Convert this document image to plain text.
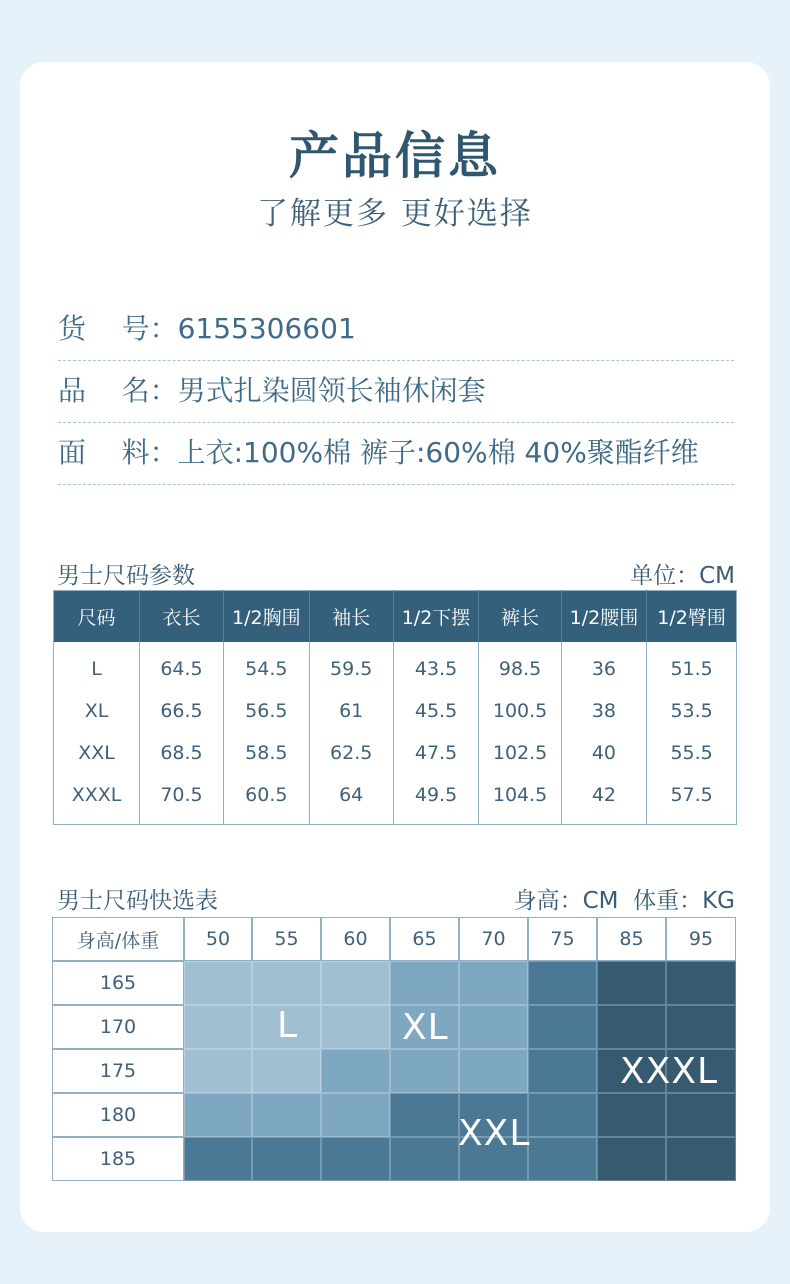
产品信息
了解更多 更好选择
货    号：6155306601
品    名：男式扎染圆领长袖休闲套
面    料：上衣:100%棉 裤子:60%棉 40%聚酯纤维
男士尺码参数	单位：CM
尺码	衣长	1/2胸围	袖长	1/2下摆	裤长	1/2腰围	1/2臀围
L	64.5	54.5	59.5	43.5	98.5	36	51.5
XL	66.5	56.5	61	45.5	100.5	38	53.5
XXL	68.5	58.5	62.5	47.5	102.5	40	55.5
XXXL	70.5	60.5	64	49.5	104.5	42	57.5
男士尺码快选表	身高：CM  体重：KG
身高/体重	50	55	60	65	70	75	85	95
165
170
175
180
185
L	XL
XXL
XXXL
